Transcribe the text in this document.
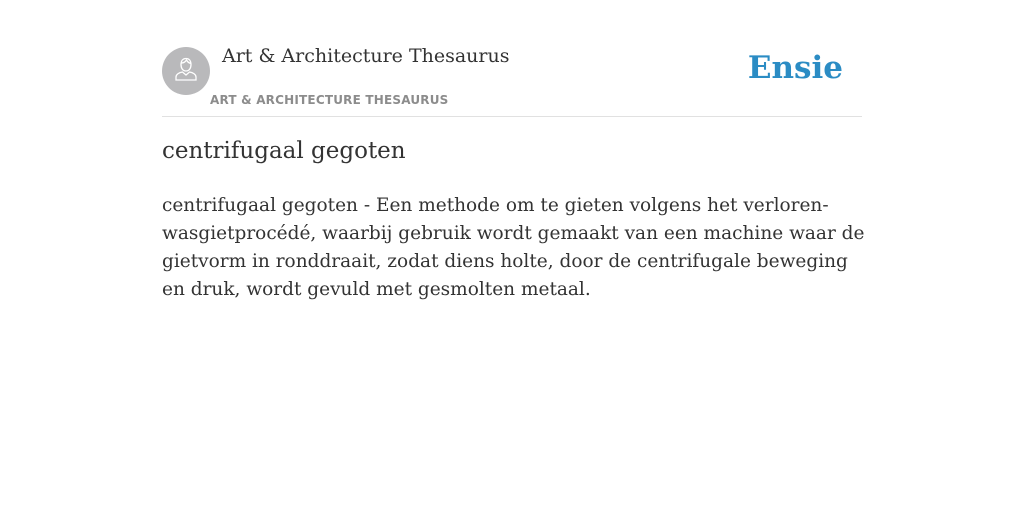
Art & Architecture Thesaurus
ART & ARCHITECTURE THESAURUS
Ensie
centrifugaal gegoten

centrifugaal gegoten - Een methode om te gieten volgens het verloren-wasgietprocédé, waarbij gebruik wordt gemaakt van een machine waar de gietvorm in ronddraait, zodat diens holte, door de centrifugale beweging en druk, wordt gevuld met gesmolten metaal.
